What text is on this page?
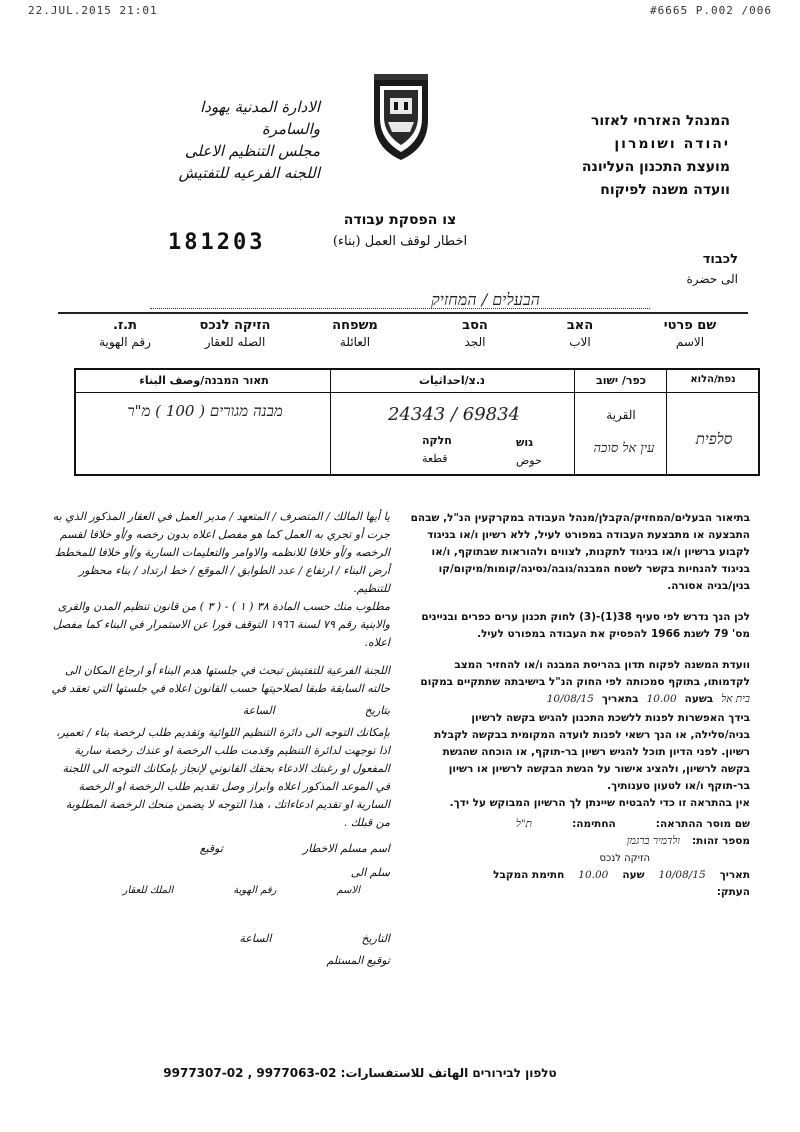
22.JUL.2015 21:01	#6665 P.002 /006
המנהל האזרחי לאזור
יהודה ושומרון
מועצת התכנון העליונה
וועדה משנה לפיקוח
الادارة المدنية يهودا
والسامرة
مجلس التنظيم الاعلى
اللجنه الفرعيه للتفتيش
צו הפסקת עבודה
اخطار لوقف العمل (بناء)
181203
לכבוד
الى حضرة
הבעלים / המחזיק
שם פרטי
الاسم
האב
الاب
הסב
الجد
משפחה
العائلة
הזיקה לנכס
الصله للعقار
ת.ז.
رقم الهوية
נפת/הלוא
כפר/ ישוב
القرية
נ.צ/احداثيات
תאור המבנה/وصف البناء
סלפית
עין אל סוכה
24343 / 69834
גוש
חלקה
حوض
قطعة
מבנה מגורים ( 100 ) מ"ר
בתיאור הבעלים/המחזיק/הקבלן/מנהל העבודה במקרקעין הנ"ל, שבהם התבצעה או מתבצעת העבודה במפורט לעיל, ללא רשיון ו/או בניגוד לקבוע ברשיון ו/או בניגוד לתקנות, לצווים ולהוראות שבתוקף, ו/או בניגוד להנחיות בקשר לשטח המבנה/גובה/נסיגה/קומות/מיקום/קו בנין/בניה אסורה.
לכן הנך נדרש לפי סעיף 38(1)-(3) לחוק תכנון ערים כפרים ובניינים מס' 79 לשנת 1966 להפסיק את העבודה במפורט לעיל.
וועדת המשנה לפקוח תדון בהריסת המבנה ו/או להחזיר המצב לקדמותו, בתוקף סמכותה לפי החוק הנ"ל בישיבתה שתתקיים במקום
בית אל
בשעה
10.00
בתאריך
10/08/15
בידך האפשרות לפנות ללשכת התכנון להגיש בקשה לרשיון בניה/סלילה, או הנך רשאי לפנות לועדה המקומית בבקשה לקבלת רשיון. לפני הדיון תוכל להגיש רשיון בר-תוקף, או הוכחה שהגשת בקשה לרשיון, ולהציג אישור על הגשת הבקשה לרשיון או רשיון בר-תוקף ו/או לטעון טענותיך.
אין בהתראה זו כדי להבטיח שיינתן לך הרשיון המבוקש על ידך.
שם מוסר ההתראה:
החתימה:
ת"ל
מספר זהות:
ולדמיר ברגמן
הזיקה לנכס
תאריך
10/08/15
שעה
10.00
חתימת המקבל
העתק:
يا أيها المالك / المتصرف / المتعهد / مدير العمل في العقار المذكور الذي به جرت أو تجري به العمل كما هو مفصل اعلاه بدون رخصه و/أو خلافا لقسم الرخصه و/أو خلافا للانظمه والاوامر والتعليمات السارية و/أو خلافا للمخطط أرض البناء / ارتفاع / عدد الطوابق / الموقع / خط ارتداد / بناء محظور للتنظيم.
مطلوب منك حسب المادة ٣٨ ( ١ ) - ( ٣ ) من قانون تنظيم المدن والقرى والابنية رقم ٧٩ لسنة ١٩٦٦ التوقف فورا عن الاستمرار في البناء كما مفصل اعلاه.
اللجنة الفرعية للتفتيش تبحث في جلستها هدم البناء أو ارجاع المكان الى حالته السابقة طبقا لصلاحيتها حسب القانون اعلاه في جلستها التي تعقد في
بتاريخ
الساعة
بإمكانك التوجه الى دائرة التنظيم اللوائية وتقديم طلب لرخصة بناء / تعمير، اذا توجهت لدائرة التنظيم وقدمت طلب الرخصة او عندك رخصة سارية المفعول او رغبتك الادعاء بحقك القانوني لإنجاز بإمكانك التوجه الى اللجنة في الموعد المذكور اعلاه وابراز وصل تقديم طلب الرخصة او الرخصة السارية او تقديم ادعاءاتك ، هذا التوجه لا يضمن منحك الرخصة المطلوبة من قبلك .
اسم مسلم الاخطار
توقيع
سلم الى
الاسم
رقم الهوية
الملك للعقار
التاريخ
الساعة
توقيع المستلم
טלפון לבירורים الهاتف للاستفسارات: 02-9977063 , 02-9977307
